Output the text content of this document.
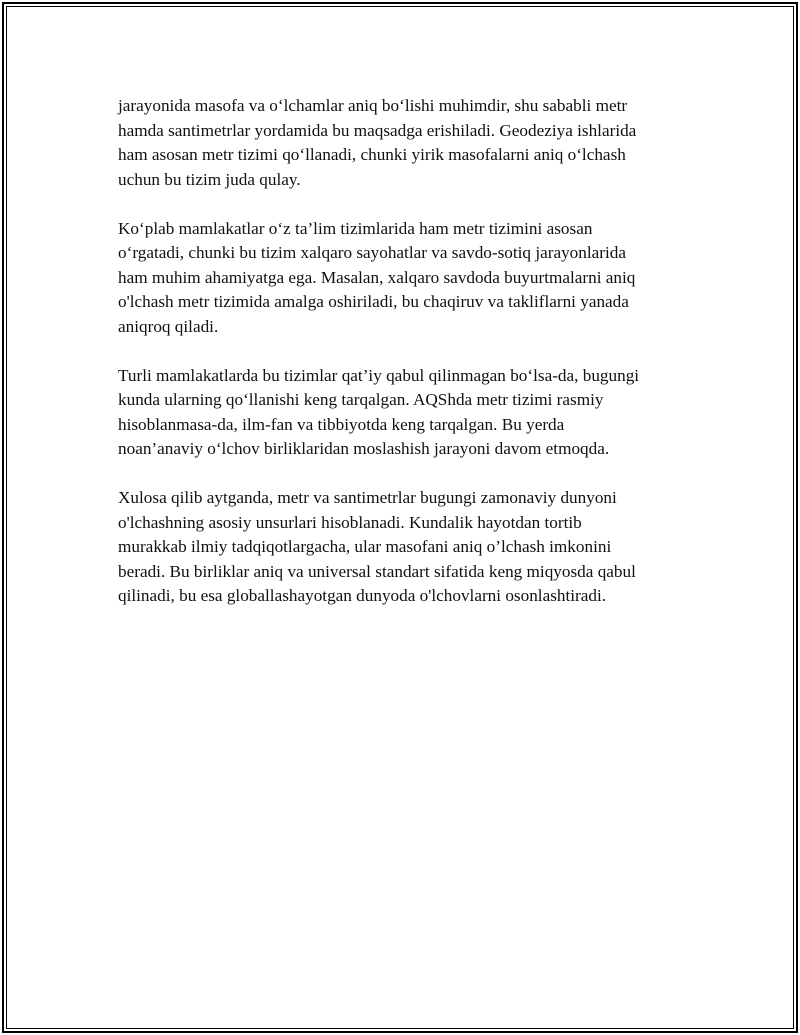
jarayonida masofa va o‘lchamlar aniq bo‘lishi muhimdir, shu sababli metr
hamda santimetrlar yordamida bu maqsadga erishiladi. Geodeziya ishlarida
ham asosan metr tizimi qo‘llanadi, chunki yirik masofalarni aniq o‘lchash
uchun bu tizim juda qulay.

Ko‘plab mamlakatlar o‘z ta’lim tizimlarida ham metr tizimini asosan
o‘rgatadi, chunki bu tizim xalqaro sayohatlar va savdo-sotiq jarayonlarida
ham muhim ahamiyatga ega. Masalan, xalqaro savdoda buyurtmalarni aniq
o'lchash metr tizimida amalga oshiriladi, bu chaqiruv va takliflarni yanada
aniqroq qiladi.

Turli mamlakatlarda bu tizimlar qat’iy qabul qilinmagan bo‘lsa-da, bugungi
kunda ularning qo‘llanishi keng tarqalgan. AQShda metr tizimi rasmiy
hisoblanmasa-da, ilm-fan va tibbiyotda keng tarqalgan. Bu yerda
noan’anaviy o‘lchov birliklaridan moslashish jarayoni davom etmoqda.

Xulosa qilib aytganda, metr va santimetrlar bugungi zamonaviy dunyoni
o'lchashning asosiy unsurlari hisoblanadi. Kundalik hayotdan tortib
murakkab ilmiy tadqiqotlargacha, ular masofani aniq o’lchash imkonini
beradi. Bu birliklar aniq va universal standart sifatida keng miqyosda qabul
qilinadi, bu esa globallashayotgan dunyoda o'lchovlarni osonlashtiradi.
